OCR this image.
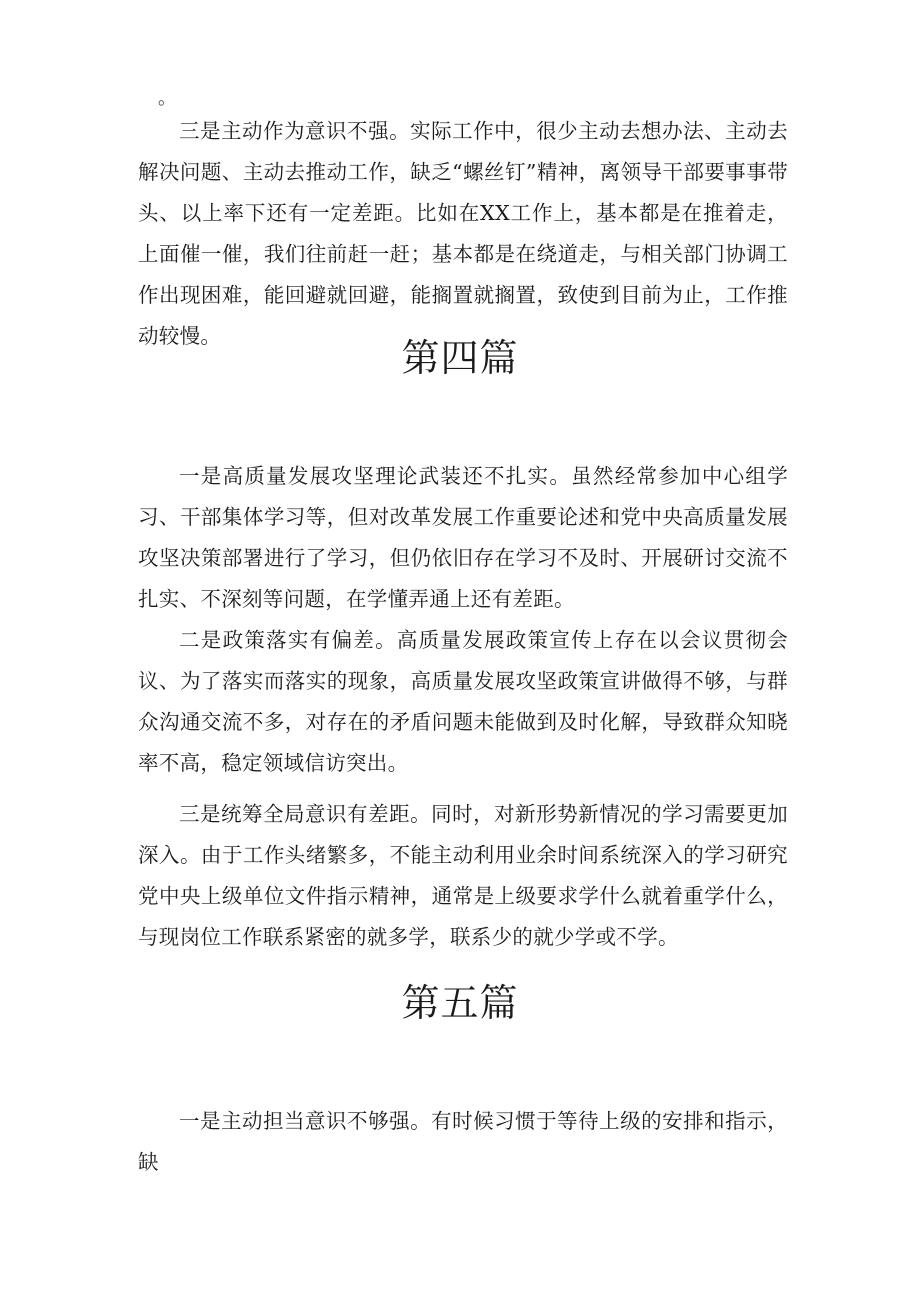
。

三是主动作为意识不强。实际工作中，很少主动去想办法、主动去解决问题、主动去推动工作，缺乏“螺丝钉”精神，离领导干部要事事带头、以上率下还有一定差距。比如在XX工作上，基本都是在推着走，上面催一催，我们往前赶一赶；基本都是在绕道走，与相关部门协调工作出现困难，能回避就回避，能搁置就搁置，致使到目前为止，工作推动较慢。	第四篇

一是高质量发展攻坚理论武装还不扎实。虽然经常参加中心组学习、干部集体学习等，但对改革发展工作重要论述和党中央高质量发展攻坚决策部署进行了学习，但仍依旧存在学习不及时、开展研讨交流不扎实、不深刻等问题，在学懂弄通上还有差距。

二是政策落实有偏差。高质量发展政策宣传上存在以会议贯彻会议、为了落实而落实的现象，高质量发展攻坚政策宣讲做得不够，与群众沟通交流不多，对存在的矛盾问题未能做到及时化解，导致群众知晓率不高，稳定领域信访突出。

三是统筹全局意识有差距。同时，对新形势新情况的学习需要更加深入。由于工作头绪繁多，不能主动利用业余时间系统深入的学习研究党中央上级单位文件指示精神，通常是上级要求学什么就着重学什么，与现岗位工作联系紧密的就多学，联系少的就少学或不学。

第五篇

一是主动担当意识不够强。有时候习惯于等待上级的安排和指示，缺
